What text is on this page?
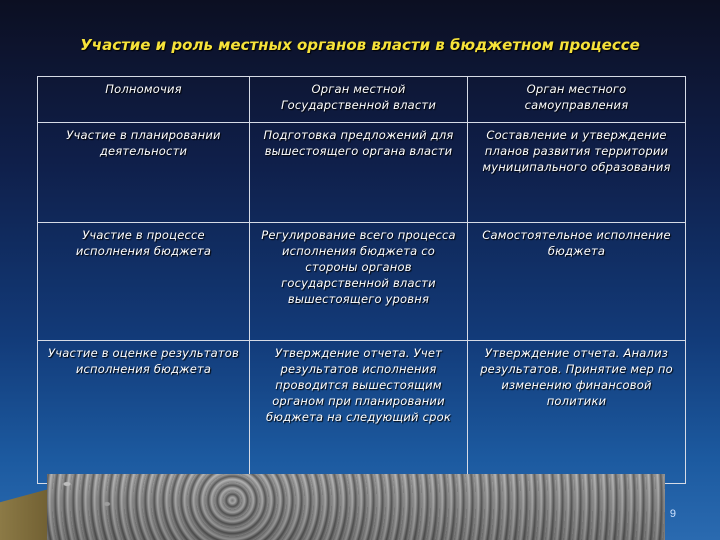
Участие и роль местных органов власти в бюджетном процессе
Полномочия	Орган местной Государственной власти	Орган местного самоуправления
Участие в планировании деятельности	Подготовка предложений для вышестоящего органа власти	Составление и утверждение планов развития территории муниципального образования
Участие в процессе исполнения бюджета	Регулирование всего процесса исполнения бюджета со стороны органов государственной власти вышестоящего уровня	Самостоятельное исполнение бюджета
Участие в оценке результатов исполнения бюджета	Утверждение отчета. Учет результатов исполнения проводится вышестоящим органом при планировании бюджета на следующий срок	Утверждение отчета. Анализ результатов. Принятие мер по изменению финансовой политики
9
